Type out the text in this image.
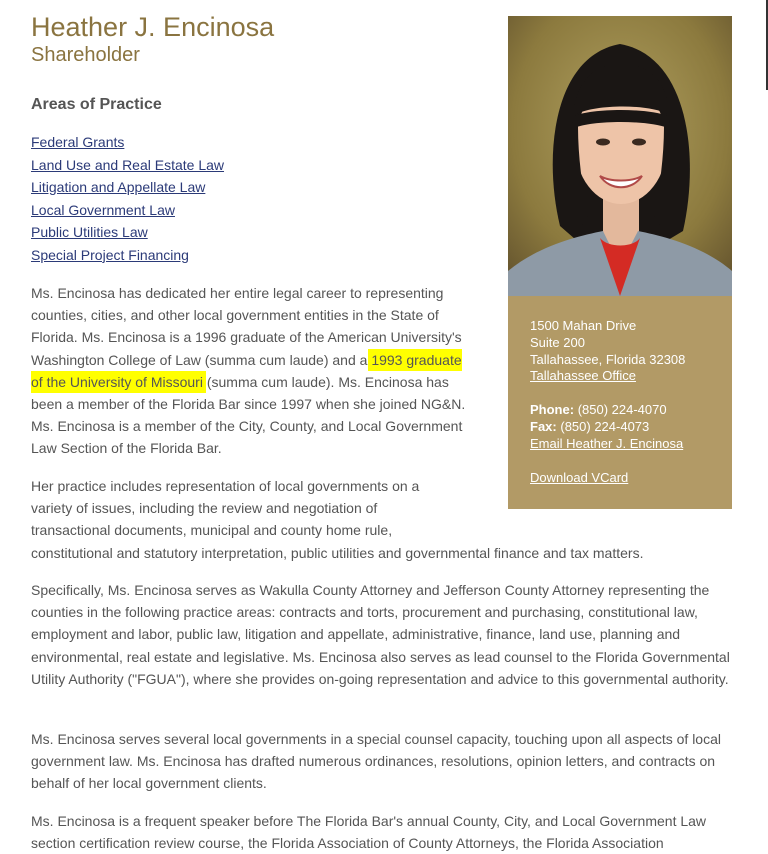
Heather J. Encinosa
Shareholder
Areas of Practice
Federal Grants
Land Use and Real Estate Law
Litigation and Appellate Law
Local Government Law
Public Utilities Law
Special Project Financing

Ms. Encinosa has dedicated her entire legal career to representing counties, cities, and other local government entities in the State of Florida. Ms. Encinosa is a 1996 graduate of the American University's Washington College of Law (summa cum laude) and a 1993 graduate of the University of Missouri (summa cum laude). Ms. Encinosa has been a member of the Florida Bar since 1997 when she joined NG&N. Ms. Encinosa is a member of the City, County, and Local Government Law Section of the Florida Bar.

Her practice includes representation of local governments on a variety of issues, including the review and negotiation of transactional documents, municipal and county home rule,
constitutional and statutory interpretation, public utilities and governmental finance and tax matters.

Specifically, Ms. Encinosa serves as Wakulla County Attorney and Jefferson County Attorney representing the counties in the following practice areas: contracts and torts, procurement and purchasing, constitutional law, employment and labor, public law, litigation and appellate, administrative, finance, land use, planning and environmental, real estate and legislative. Ms. Encinosa also serves as lead counsel to the Florida Governmental Utility Authority ("FGUA"), where she provides on-going representation and advice to this governmental authority.

Ms. Encinosa serves several local governments in a special counsel capacity, touching upon all aspects of local government law. Ms. Encinosa has drafted numerous ordinances, resolutions, opinion letters, and contracts on behalf of her local government clients.

Ms. Encinosa is a frequent speaker before The Florida Bar's annual County, City, and Local Government Law section certification review course, the Florida Association of County Attorneys, the Florida Association

1500 Mahan Drive
Suite 200
Tallahassee, Florida 32308
Tallahassee Office
Phone: (850) 224-4070
Fax: (850) 224-4073
Email Heather J. Encinosa
Download VCard
